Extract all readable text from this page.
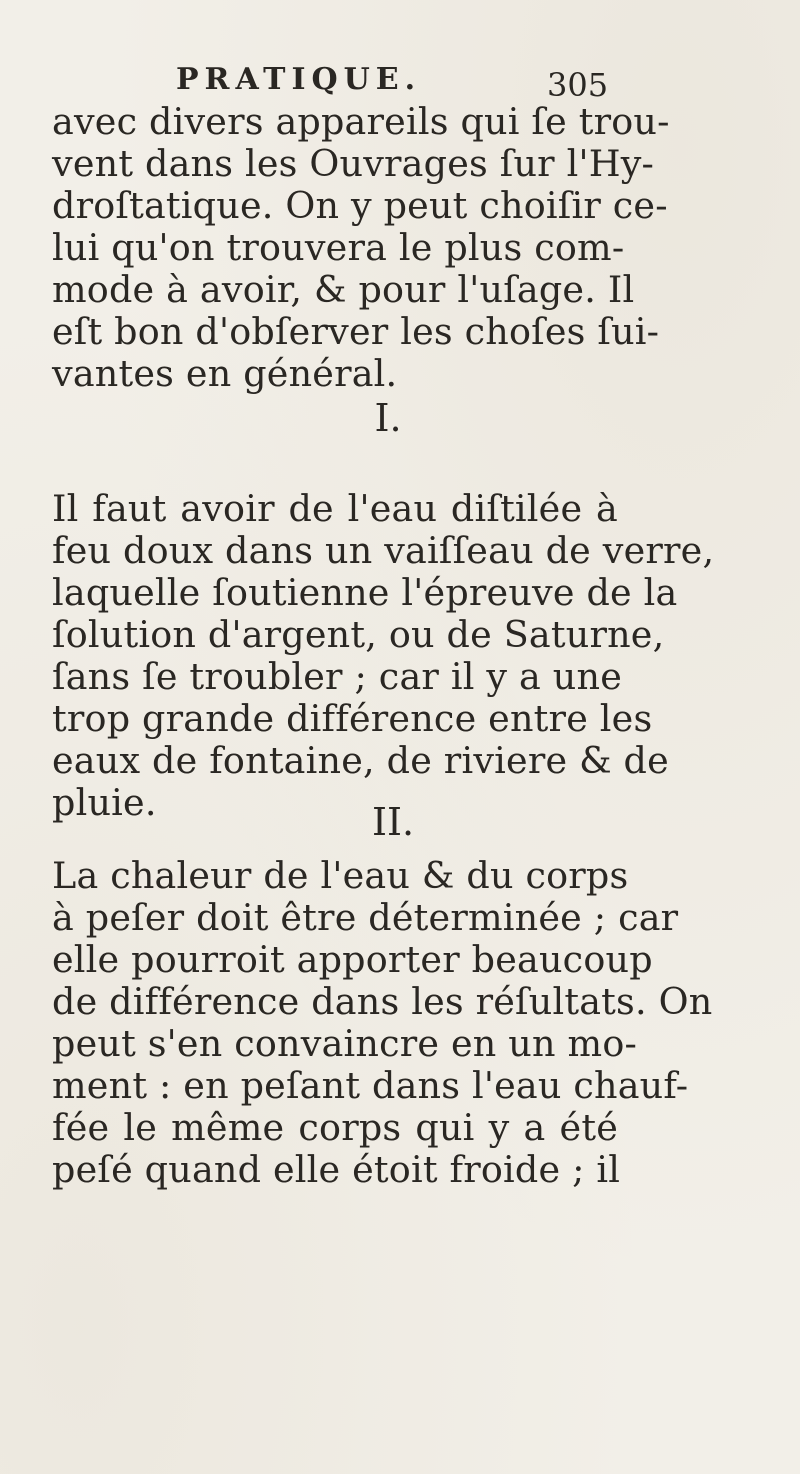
PRATIQUE.	305
avec divers appareils qui ſe trou-
vent dans les Ouvrages ſur l'Hy-
droſtatique. On y peut choiſir ce-
lui qu'on trouvera le plus com-
mode à avoir, & pour l'uſage. Il
eſt bon d'obſerver les choſes ſui-
vantes en général.
I.
Il faut avoir de l'eau diſtilée à
feu doux dans un vaiſſeau de verre,
laquelle ſoutienne l'épreuve de la
ſolution d'argent, ou de Saturne,
ſans ſe troubler ; car il y a une
trop grande différence entre les
eaux de fontaine, de riviere & de
pluie.	II.
La chaleur de l'eau & du corps
à peſer doit être déterminée ; car
elle pourroit apporter beaucoup
de différence dans les réſultats. On
peut s'en convaincre en un mo-
ment : en peſant dans l'eau chauf-
fée le même corps qui y a été
peſé quand elle étoit froide ; il
